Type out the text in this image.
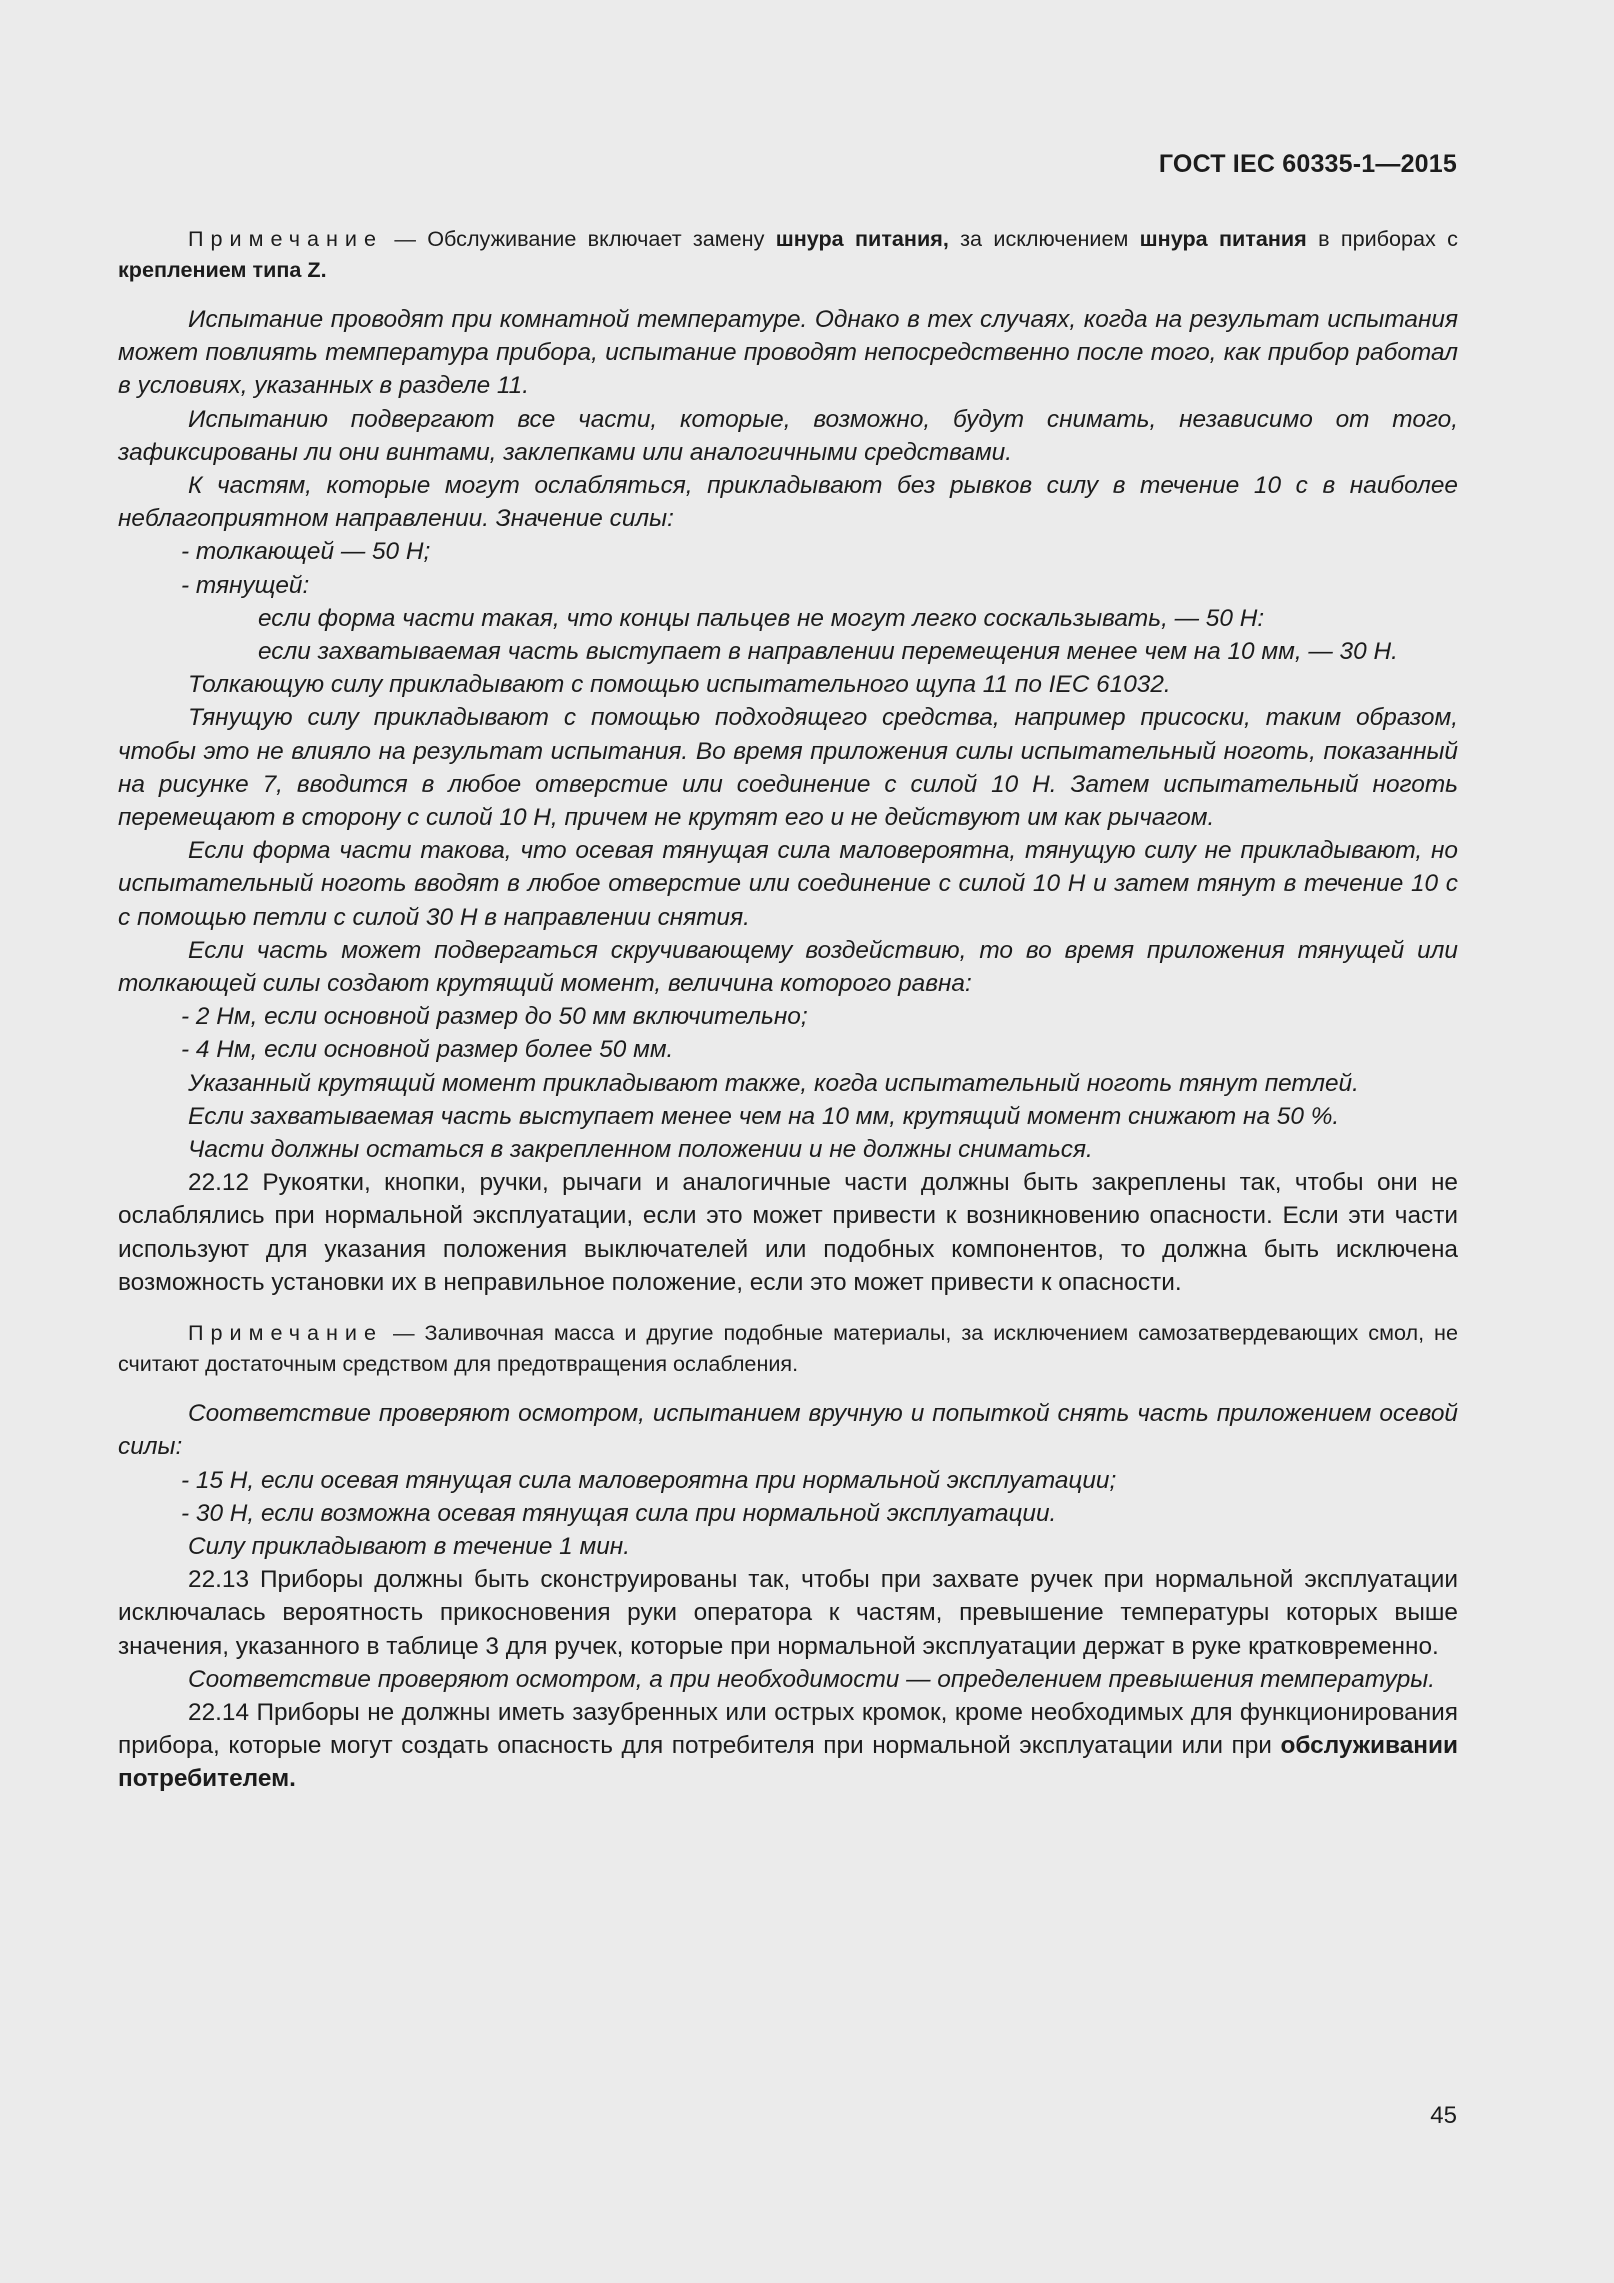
ГОСТ IEC 60335-1—2015

Примечание — Обслуживание включает замену шнура питания, за исключением шнура питания в приборах с креплением типа Z.

Испытание проводят при комнатной температуре. Однако в тех случаях, когда на результат испытания может повлиять температура прибора, испытание проводят непосредственно после того, как прибор работал в условиях, указанных в разделе 11.

Испытанию подвергают все части, которые, возможно, будут снимать, независимо от того, зафиксированы ли они винтами, заклепками или аналогичными средствами.

К частям, которые могут ослабляться, прикладывают без рывков силу в течение 10 с в наиболее неблагоприятном направлении. Значение силы:

- толкающей — 50 Н;

- тянущей:

если форма части такая, что концы пальцев не могут легко соскальзывать, — 50 Н:

если захватываемая часть выступает в направлении перемещения менее чем на 10 мм, — 30 Н.

Толкающую силу прикладывают с помощью испытательного щупа 11 по IEC 61032.

Тянущую силу прикладывают с помощью подходящего средства, например присоски, таким образом, чтобы это не влияло на результат испытания. Во время приложения силы испытательный ноготь, показанный на рисунке 7, вводится в любое отверстие или соединение с силой 10 Н. Затем испытательный ноготь перемещают в сторону с силой 10 Н, причем не крутят его и не действуют им как рычагом.

Если форма части такова, что осевая тянущая сила маловероятна, тянущую силу не прикладывают, но испытательный ноготь вводят в любое отверстие или соединение с силой 10 Н и затем тянут в течение 10 с с помощью петли с силой 30 Н в направлении снятия.

Если часть может подвергаться скручивающему воздействию, то во время приложения тянущей или толкающей силы создают крутящий момент, величина которого равна:

- 2 Нм, если основной размер до 50 мм включительно;

- 4 Нм, если основной размер более 50 мм.

Указанный крутящий момент прикладывают также, когда испытательный ноготь тянут петлей.

Если захватываемая часть выступает менее чем на 10 мм, крутящий момент снижают на 50 %.

Части должны остаться в закрепленном положении и не должны сниматься.

22.12 Рукоятки, кнопки, ручки, рычаги и аналогичные части должны быть закреплены так, чтобы они не ослаблялись при нормальной эксплуатации, если это может привести к возникновению опасности. Если эти части используют для указания положения выключателей или подобных компонентов, то должна быть исключена возможность установки их в неправильное положение, если это может привести к опасности.

Примечание — Заливочная масса и другие подобные материалы, за исключением самозатвердевающих смол, не считают достаточным средством для предотвращения ослабления.

Соответствие проверяют осмотром, испытанием вручную и попыткой снять часть приложением осевой силы:

- 15 Н, если осевая тянущая сила маловероятна при нормальной эксплуатации;

- 30 Н, если возможна осевая тянущая сила при нормальной эксплуатации.

Силу прикладывают в течение 1 мин.

22.13 Приборы должны быть сконструированы так, чтобы при захвате ручек при нормальной эксплуатации исключалась вероятность прикосновения руки оператора к частям, превышение температуры которых выше значения, указанного в таблице 3 для ручек, которые при нормальной эксплуатации держат в руке кратковременно.

Соответствие проверяют осмотром, а при необходимости — определением превышения температуры.

22.14 Приборы не должны иметь зазубренных или острых кромок, кроме необходимых для функционирования прибора, которые могут создать опасность для потребителя при нормальной эксплуатации или при обслуживании потребителем.

45
